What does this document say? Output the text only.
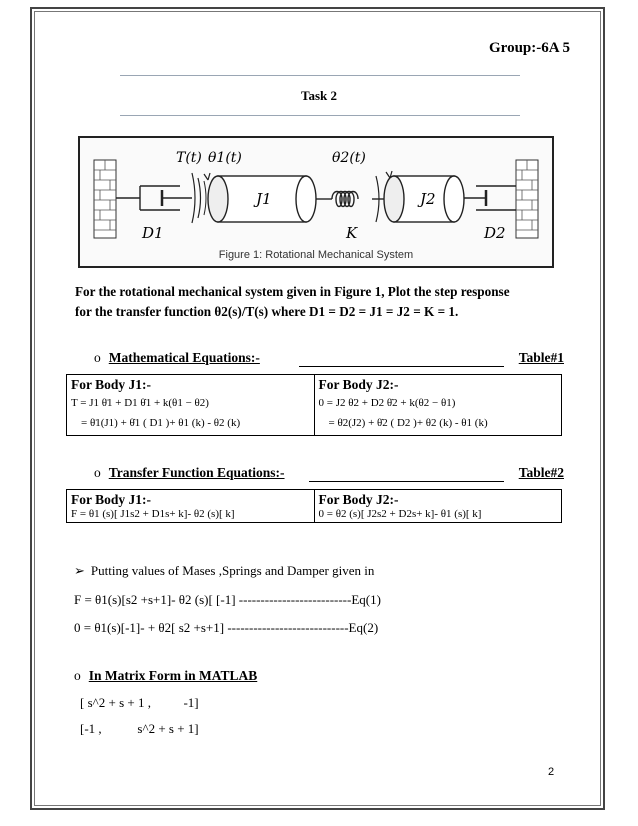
Group:-6A 5
Task 2
T(t) θ1(t)	θ2(t)
J1	J2
D1	D2
K
Figure 1: Rotational Mechanical System
For the rotational mechanical system given in Figure 1, Plot the step response
for the transfer function θ2(s)/T(s) where D1 = D2 = J1 = J2 = K = 1.
o Mathematical Equations:-	Table#1
For Body J1:-
T = J1 θ̈1 + D1 θ̇1 + k(θ1 − θ2)
= θ̈1(J1) + θ̇1 ( D1 )+ θ1 (k) - θ2 (k)

For Body J2:-
0 = J2 θ̈2 + D2 θ̇2 + k(θ2 − θ1)
= θ̈2(J2) + θ̇2 ( D2 )+ θ2 (k) - θ1 (k)
o Transfer Function Equations:-	Table#2
For Body J1:-
F = θ1 (s)[ J1s2 + D1s+ k]- θ2 (s)[ k]

For Body J2:-
0 = θ2 (s)[ J2s2 + D2s+ k]- θ1 (s)[ k]
➢ Putting values of Mases ,Springs and Damper given in
F = θ1(s)[s2 +s+1]- θ2 (s)[ [-1] --------------------------Eq(1)
0 = θ1(s)[-1]- + θ2[ s2 +s+1] ----------------------------Eq(2)
o In Matrix Form in MATLAB
[ s^2 + s + 1 ,          -1]
[-1 ,           s^2 + s + 1]
2
